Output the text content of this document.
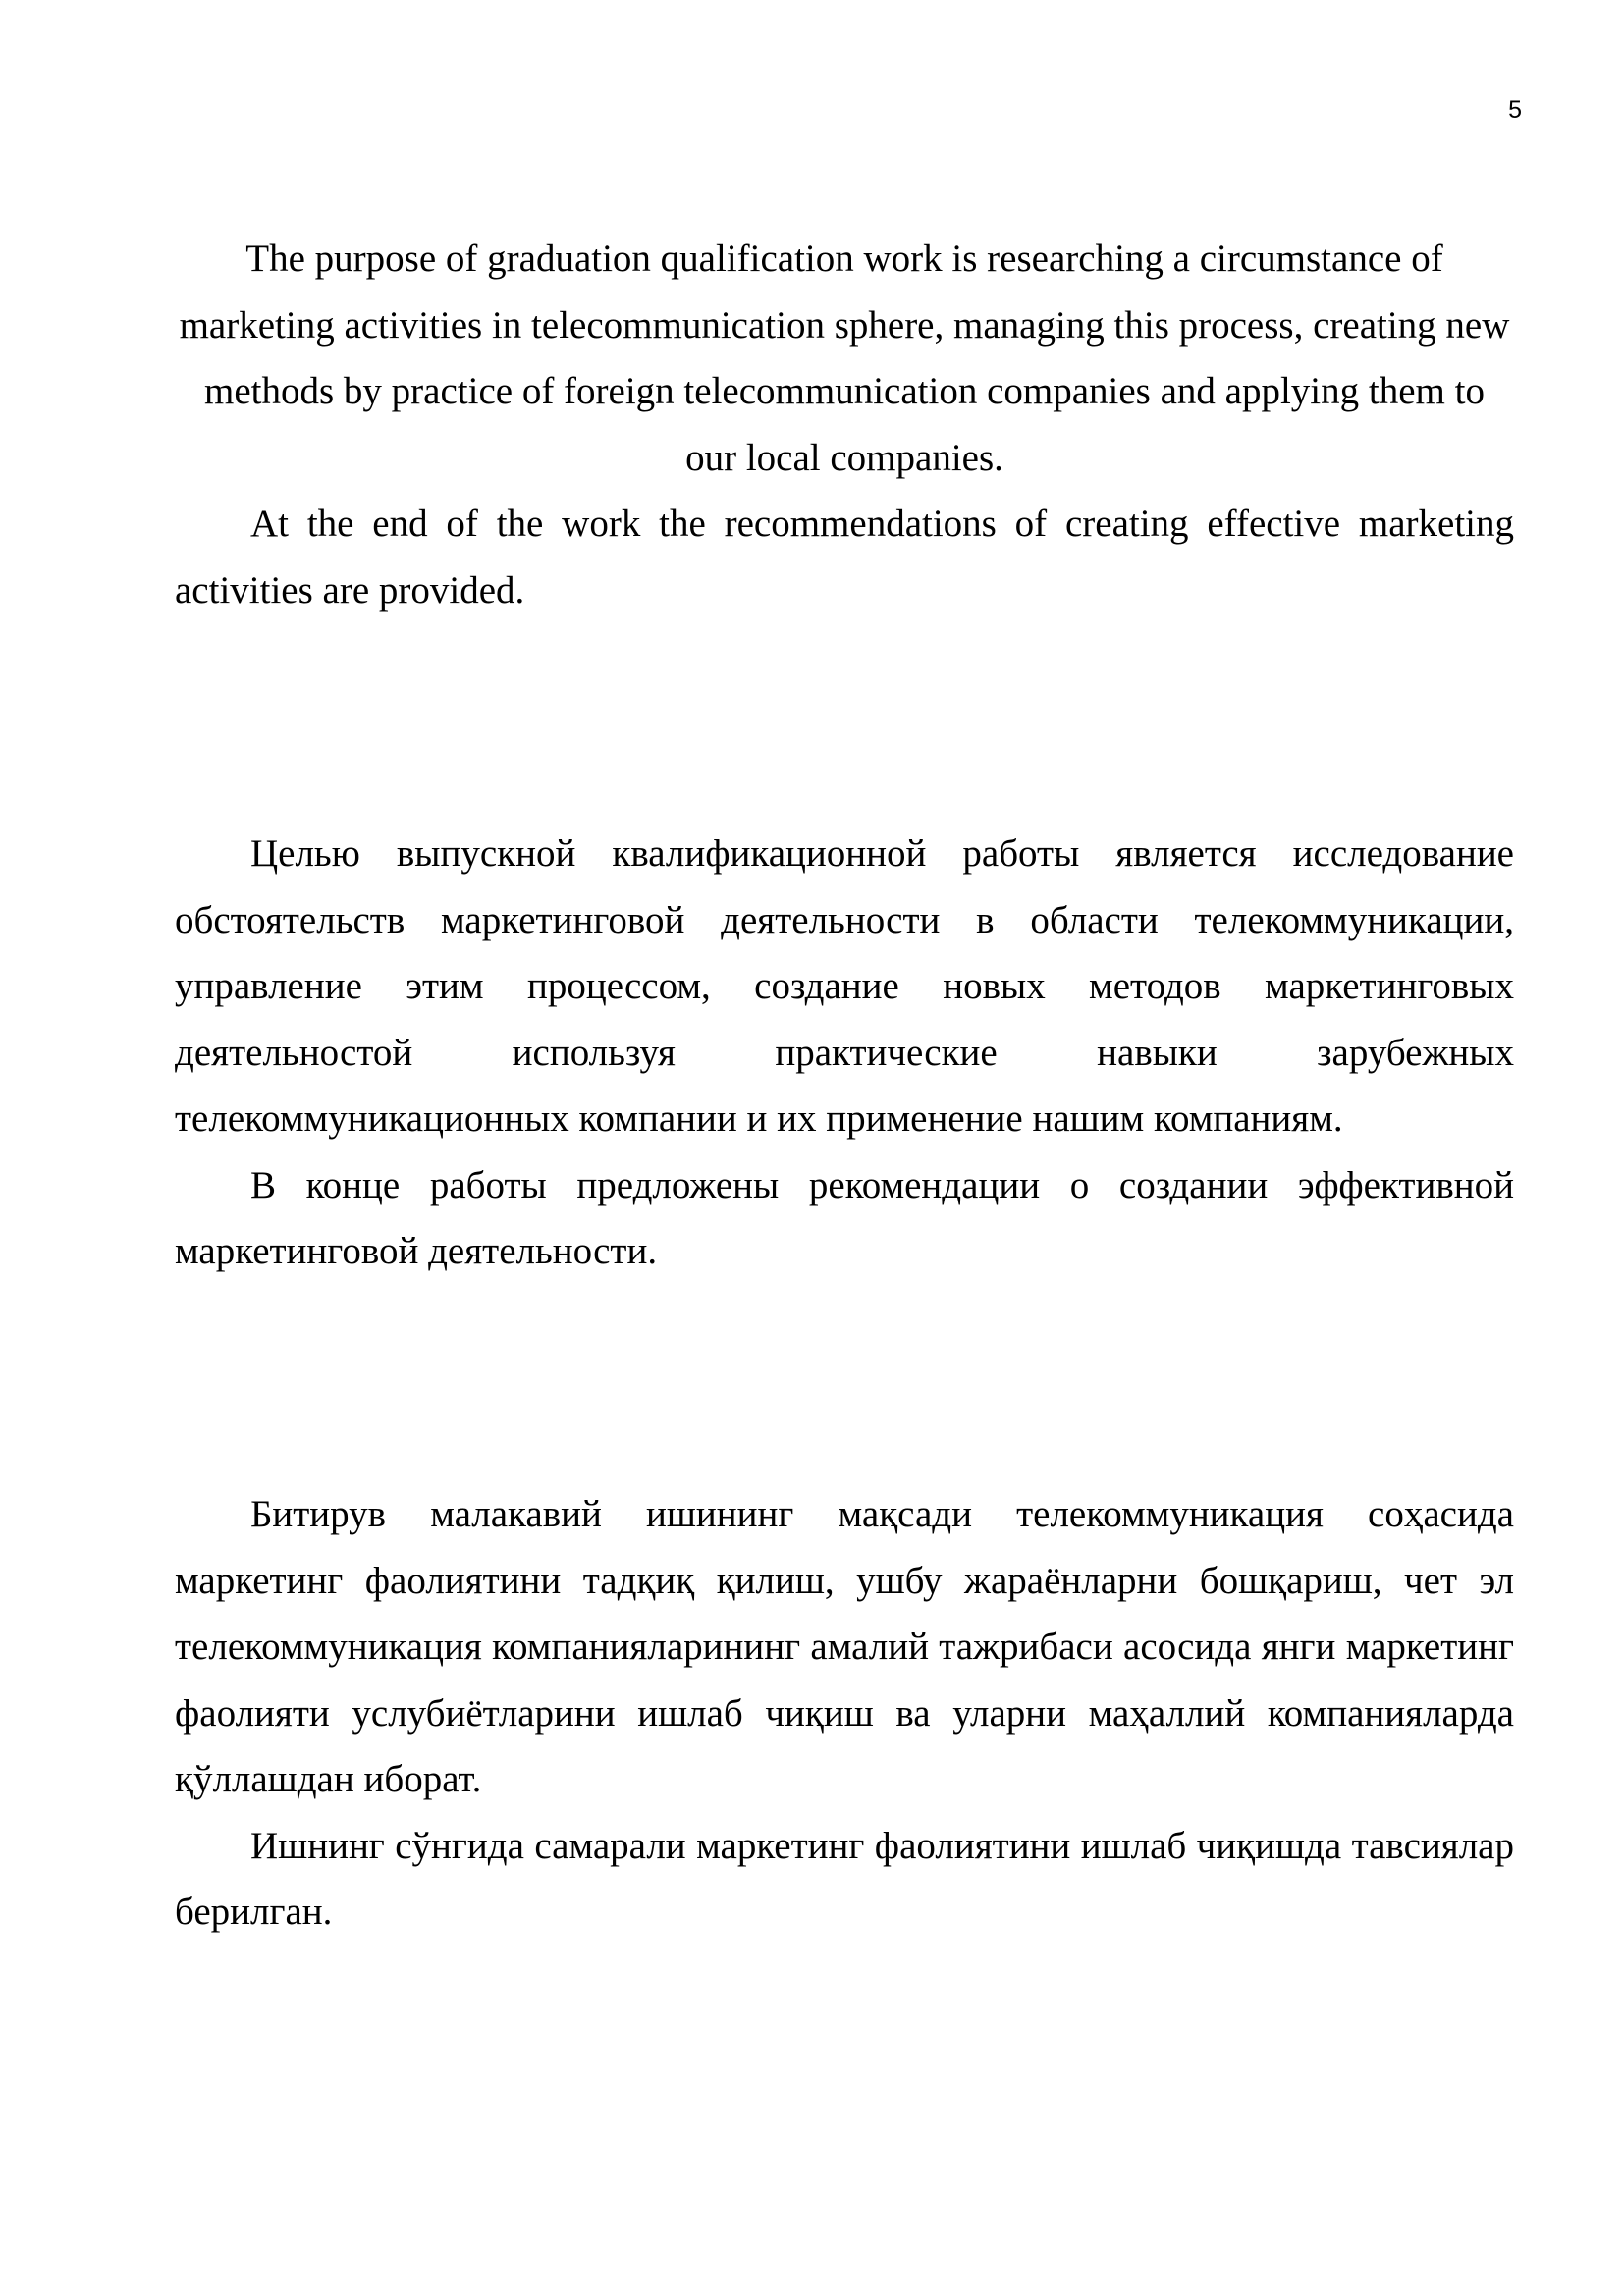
5

The purpose of graduation qualification work is researching a circumstance of marketing activities in telecommunication sphere, managing this process, creating new methods by practice of foreign telecommunication companies and applying them to our local companies.

At the end of the work the recommendations of creating effective marketing activities are provided.

Целью выпускной квалификационной работы является исследование обстоятельств маркетинговой деятельности в области телекоммуникации, управление этим процессом, создание новых методов маркетинговых деятельностой используя практические навыки зарубежных телекоммуникационных компании и их применение нашим компаниям.

В конце работы предложены рекомендации о создании эффективной маркетинговой деятельности.

Битирув малакавий ишининг мақсади телекоммуникация соҳасида маркетинг фаолиятини тадқиқ қилиш, ушбу жараёнларни бошқариш, чет эл телекоммуникация компанияларининг амалий тажрибаси асосида янги маркетинг фаолияти услубиётларини ишлаб чиқиш ва уларни маҳаллий компанияларда қўллашдан иборат.

Ишнинг сўнгида самарали маркетинг фаолиятини ишлаб чиқишда тавсиялар берилган.
